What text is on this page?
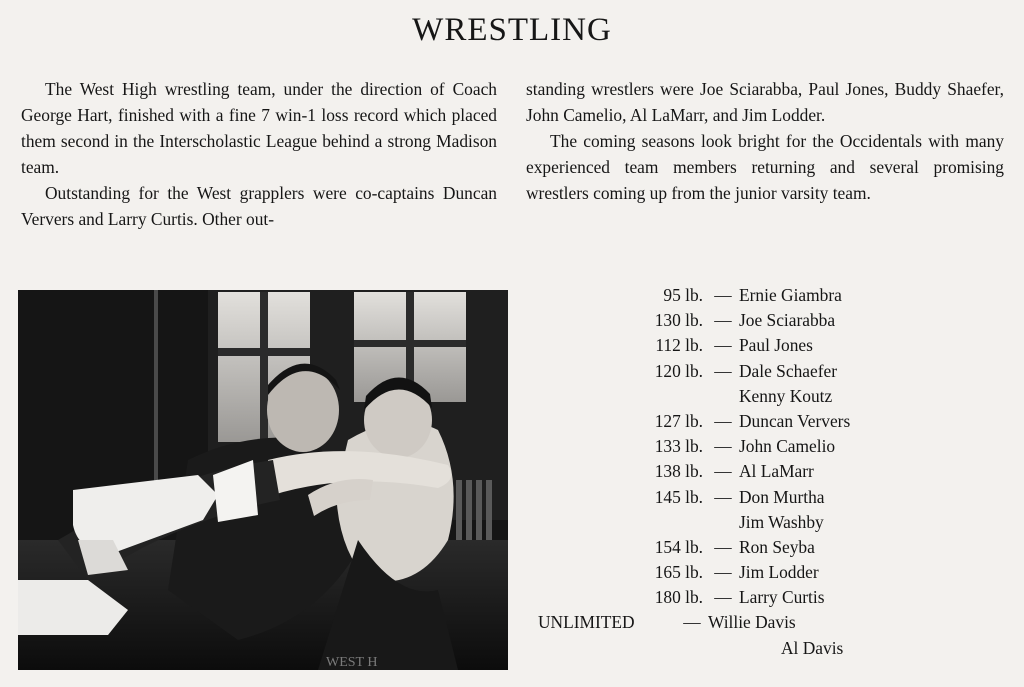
WRESTLING

The West High wrestling team, under the direction of Coach George Hart, finished with a fine 7 win-1 loss record which placed them second in the Interscholastic League behind a strong Madison team.

Outstanding for the West grapplers were co-captains Duncan Ververs and Larry Curtis. Other out-

standing wrestlers were Joe Sciarabba, Paul Jones, Buddy Shaefer, John Camelio, Al LaMarr, and Jim Lodder.

The coming seasons look bright for the Occidentals with many experienced team members returning and several promising wrestlers coming up from the junior varsity team.

WEST H
95 lb. — Ernie Giambra
130 lb. — Joe Sciarabba
112 lb. — Paul Jones
120 lb. — Dale Schaefer
Kenny Koutz
127 lb. — Duncan Ververs
133 lb. — John Camelio
138 lb. — Al LaMarr
145 lb. — Don Murtha
Jim Washby
154 lb. — Ron Seyba
165 lb. — Jim Lodder
180 lb. — Larry Curtis
UNLIMITED	— Willie Davis
Al Davis
